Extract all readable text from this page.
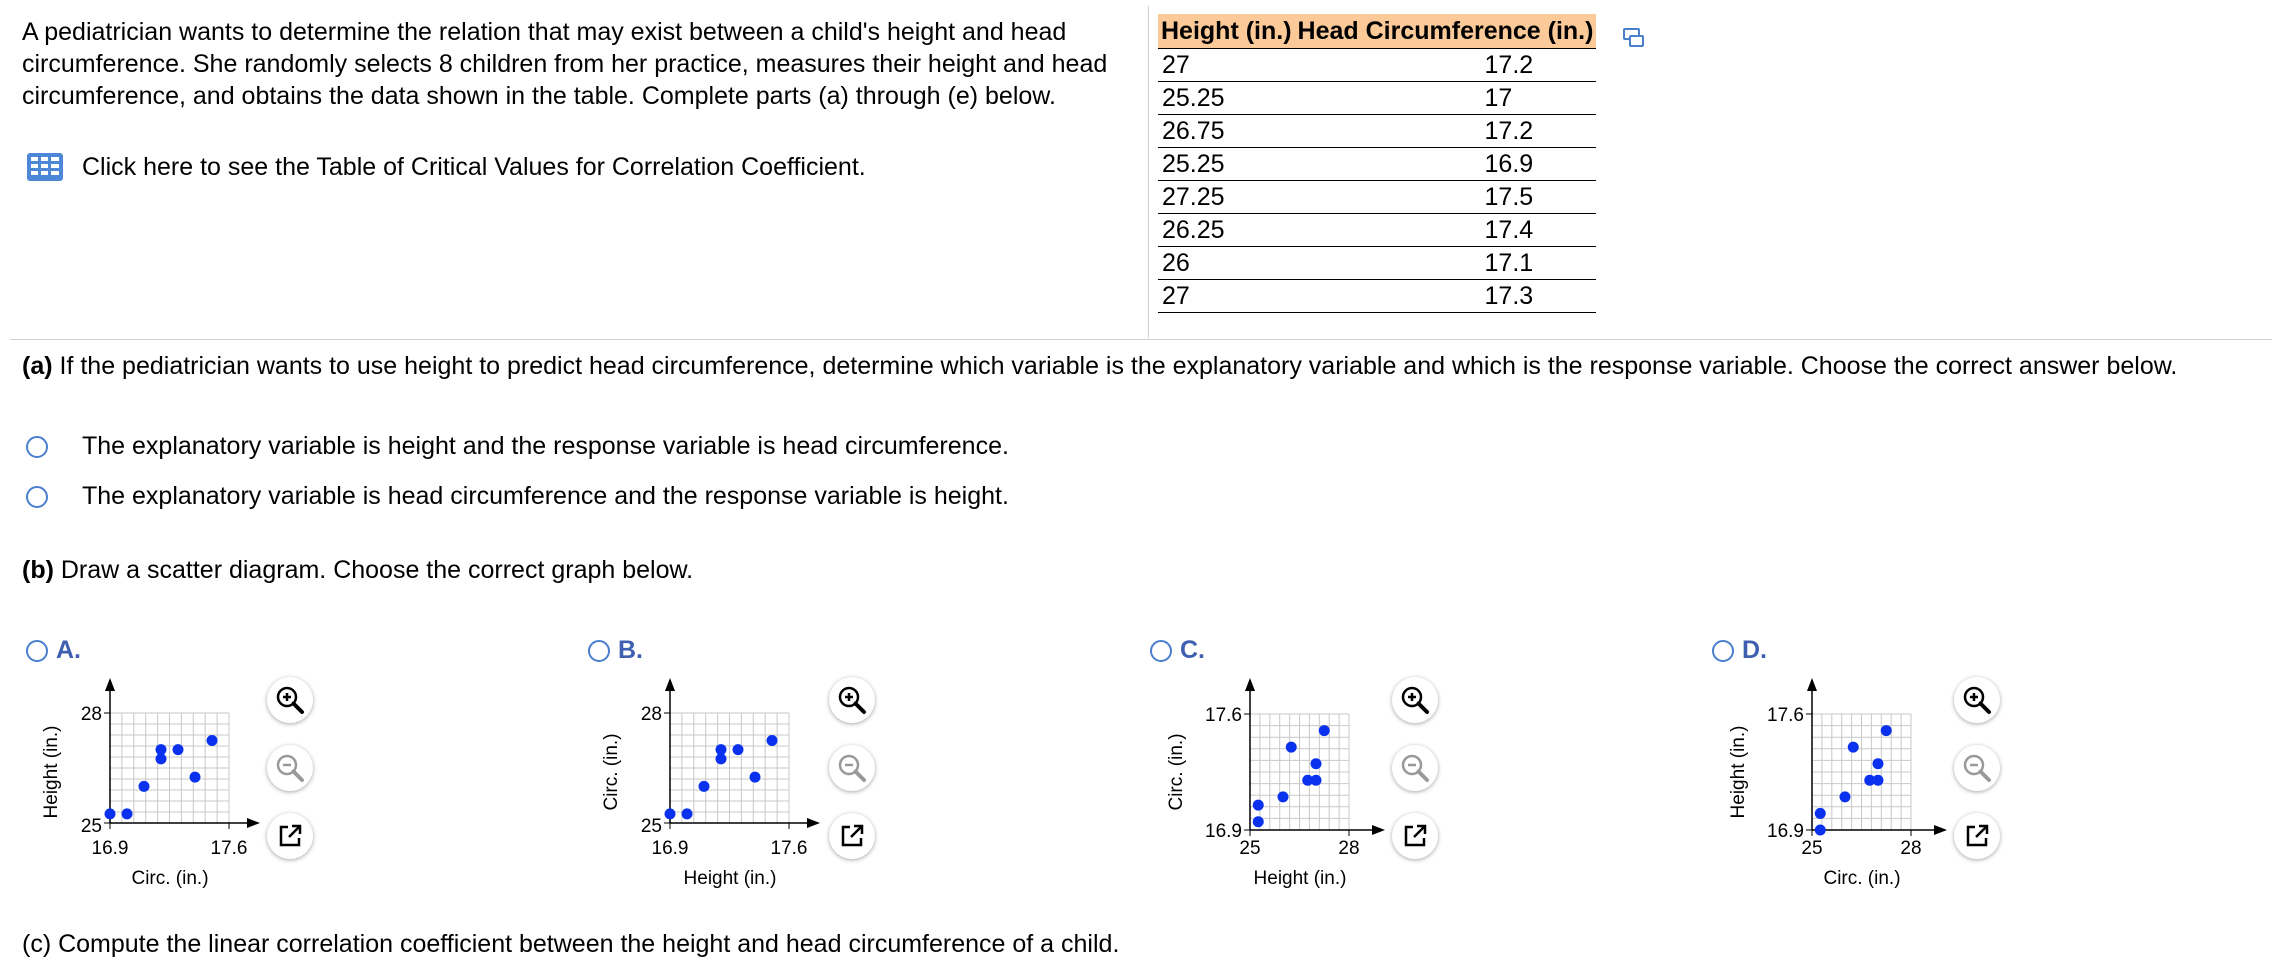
A pediatrician wants to determine the relation that may exist between a child's height and head circumference. She randomly selects 8 children from her practice, measures their height and head circumference, and obtains the data shown in the table. Complete parts (a) through (e) below.
Click here to see the Table of Critical Values for Correlation Coefficient.
Height (in.)	Head Circumference (in.)
27	17.2
25.25	17
26.75	17.2
25.25	16.9
27.25	17.5
26.25	17.4
26	17.1
27	17.3
(a) If the pediatrician wants to use height to predict head circumference, determine which variable is the explanatory variable and which is the response variable. Choose the correct answer below.
The explanatory variable is height and the response variable is head circumference.
The explanatory variable is head circumference and the response variable is height.
(b) Draw a scatter diagram. Choose the correct graph below.
A.
28
25
16.9	17.6
Circ. (in.)
Height (in.)
B.
28
25
16.9	17.6
Height (in.)
Circ. (in.)
C.
17.6
16.9
25	28
Height (in.)
Circ. (in.)
D.
17.6
16.9
25	28
Circ. (in.)
Height (in.)
(c) Compute the linear correlation coefficient between the height and head circumference of a child.
